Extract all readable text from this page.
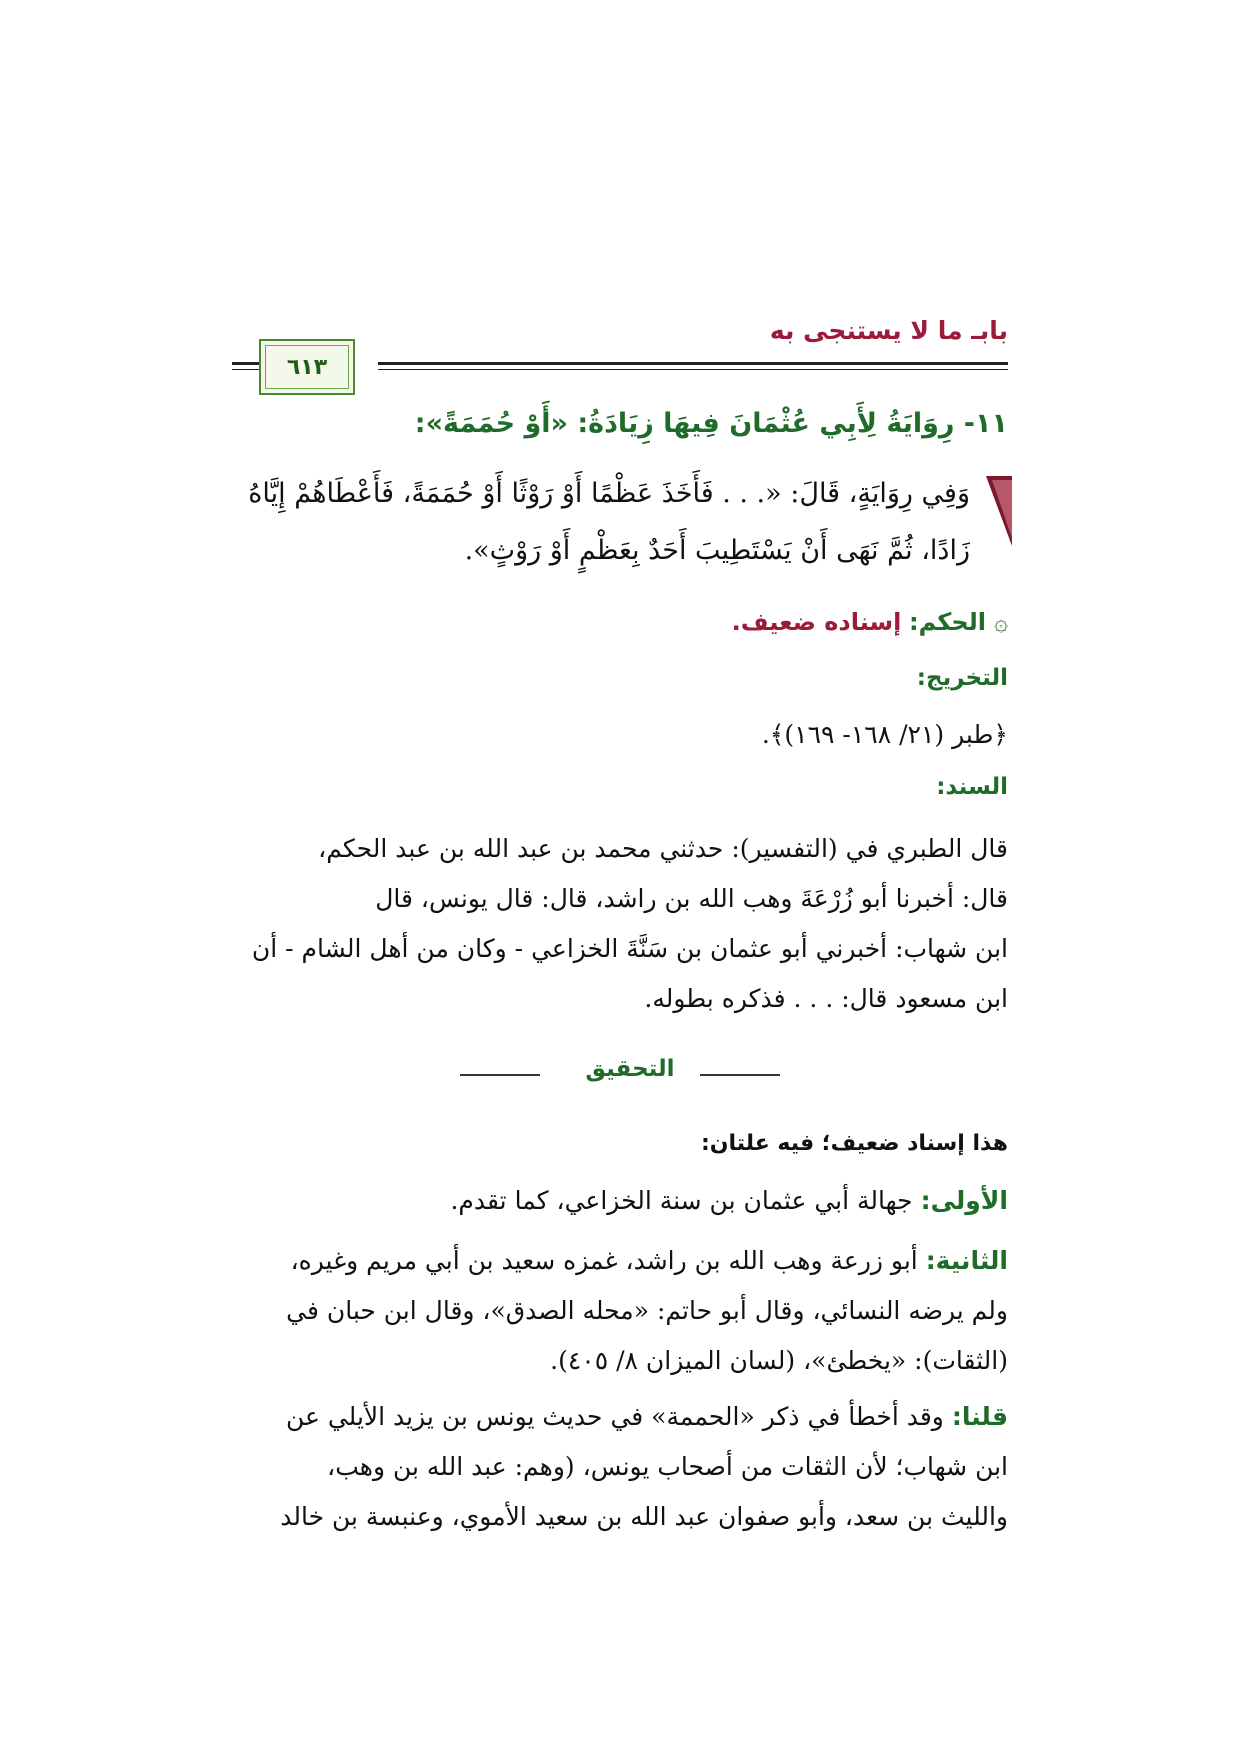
بابـ ما لا يستنجى به
٦١٣
١١- رِوَايَةُ لِأَبِي عُثْمَانَ فِيهَا زِيَادَةُ: «أَوْ حُمَمَةً»:
وَفِي رِوَايَةٍ، قَالَ: «. . . فَأَخَذَ عَظْمًا أَوْ رَوْثًا أَوْ حُمَمَةً، فَأَعْطَاهُمْ إِيَّاهُ
زَادًا، ثُمَّ نَهَى أَنْ يَسْتَطِيبَ أَحَدٌ بِعَظْمٍ أَوْ رَوْثٍ».
۞الحكم: إسناده ضعيف.
التخريج:
﴿طبر (٢١/ ١٦٨- ١٦٩)﴾.
السند:
قال الطبري في (التفسير): حدثني محمد بن عبد الله بن عبد الحكم،
قال: أخبرنا أبو زُرْعَةَ وهب الله بن راشد، قال: قال يونس، قال
ابن شهاب: أخبرني أبو عثمان بن سَنَّةَ الخزاعي - وكان من أهل الشام - أن
ابن مسعود قال: . . . فذكره بطوله.
التحقيق
هذا إسناد ضعيف؛ فيه علتان:
الأولى: جهالة أبي عثمان بن سنة الخزاعي، كما تقدم.
الثانية: أبو زرعة وهب الله بن راشد، غمزه سعيد بن أبي مريم وغيره،
ولم يرضه النسائي، وقال أبو حاتم: «محله الصدق»، وقال ابن حبان في
(الثقات): «يخطئ»، (لسان الميزان ٨/ ٤٠٥).
قلنا: وقد أخطأ في ذكر «الحممة» في حديث يونس بن يزيد الأيلي عن
ابن شهاب؛ لأن الثقات من أصحاب يونس، (وهم: عبد الله بن وهب،
والليث بن سعد، وأبو صفوان عبد الله بن سعيد الأموي، وعنبسة بن خالد
